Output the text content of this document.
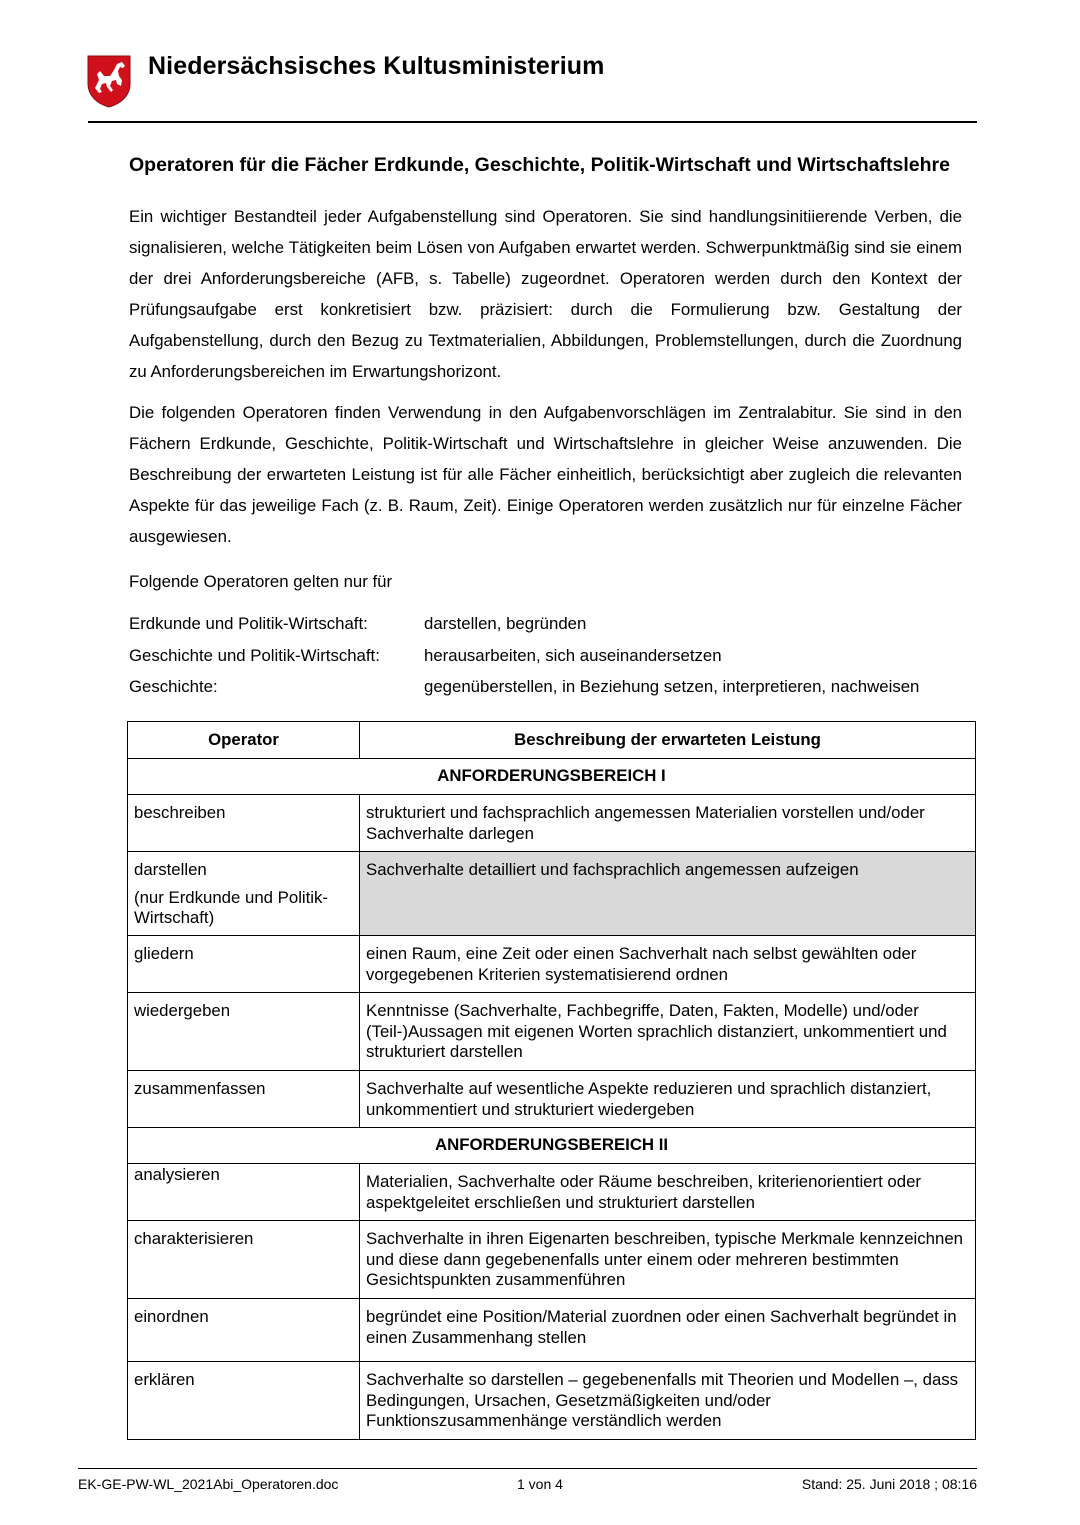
Niedersächsisches Kultusministerium
Operatoren für die Fächer Erdkunde, Geschichte, Politik-Wirtschaft und Wirtschaftslehre
Ein wichtiger Bestandteil jeder Aufgabenstellung sind Operatoren. Sie sind handlungsinitiierende Verben, die signalisieren, welche Tätigkeiten beim Lösen von Aufgaben erwartet werden. Schwerpunktmäßig sind sie einem der drei Anforderungsbereiche (AFB, s. Tabelle) zugeordnet. Operatoren werden durch den Kontext der Prüfungsaufgabe erst konkretisiert bzw. präzisiert: durch die Formulierung bzw. Gestaltung der Aufgabenstellung, durch den Bezug zu Textmaterialien, Abbildungen, Problemstellungen, durch die Zuordnung zu Anforderungsbereichen im Erwartungshorizont.
Die folgenden Operatoren finden Verwendung in den Aufgabenvorschlägen im Zentralabitur. Sie sind in den Fächern Erdkunde, Geschichte, Politik-Wirtschaft und Wirtschaftslehre in gleicher Weise anzuwenden. Die Beschreibung der erwarteten Leistung ist für alle Fächer einheitlich, berücksichtigt aber zugleich die relevanten Aspekte für das jeweilige Fach (z. B. Raum, Zeit). Einige Operatoren werden zusätzlich nur für einzelne Fächer ausgewiesen.
Folgende Operatoren gelten nur für
Erdkunde und Politik-Wirtschaft:	darstellen, begründen
Geschichte und Politik-Wirtschaft:	herausarbeiten, sich auseinandersetzen
Geschichte:	gegenüberstellen, in Beziehung setzen, interpretieren, nachweisen
Operator	Beschreibung der erwarteten Leistung
ANFORDERUNGSBEREICH I	
beschreiben	strukturiert und fachsprachlich angemessen Materialien vorstellen und/oder Sachverhalte darlegen
darstellen
(nur Erdkunde und Politik-Wirtschaft)	Sachverhalte detailliert und fachsprachlich angemessen aufzeigen
gliedern	einen Raum, eine Zeit oder einen Sachverhalt nach selbst gewählten oder vorgegebenen Kriterien systematisierend ordnen
wiedergeben	Kenntnisse (Sachverhalte, Fachbegriffe, Daten, Fakten, Modelle) und/oder (Teil-)Aussagen mit eigenen Worten sprachlich distanziert, unkommentiert und strukturiert darstellen
zusammenfassen	Sachverhalte auf wesentliche Aspekte reduzieren und sprachlich distanziert, unkommentiert und strukturiert wiedergeben
ANFORDERUNGSBEREICH II	
analysieren	Materialien, Sachverhalte oder Räume beschreiben, kriterienorientiert oder aspektgeleitet erschließen und strukturiert darstellen
charakterisieren	Sachverhalte in ihren Eigenarten beschreiben, typische Merkmale kennzeichnen und diese dann gegebenenfalls unter einem oder mehreren bestimmten Gesichtspunkten zusammenführen
einordnen	begründet eine Position/Material zuordnen oder einen Sachverhalt begründet in einen Zusammenhang stellen
erklären	Sachverhalte so darstellen – gegebenenfalls mit Theorien und Modellen –, dass Bedingungen, Ursachen, Gesetzmäßigkeiten und/oder Funktionszusammenhänge verständlich werden
EK-GE-PW-WL_2021Abi_Operatoren.doc	1 von 4	Stand: 25. Juni 2018 ; 08:16
